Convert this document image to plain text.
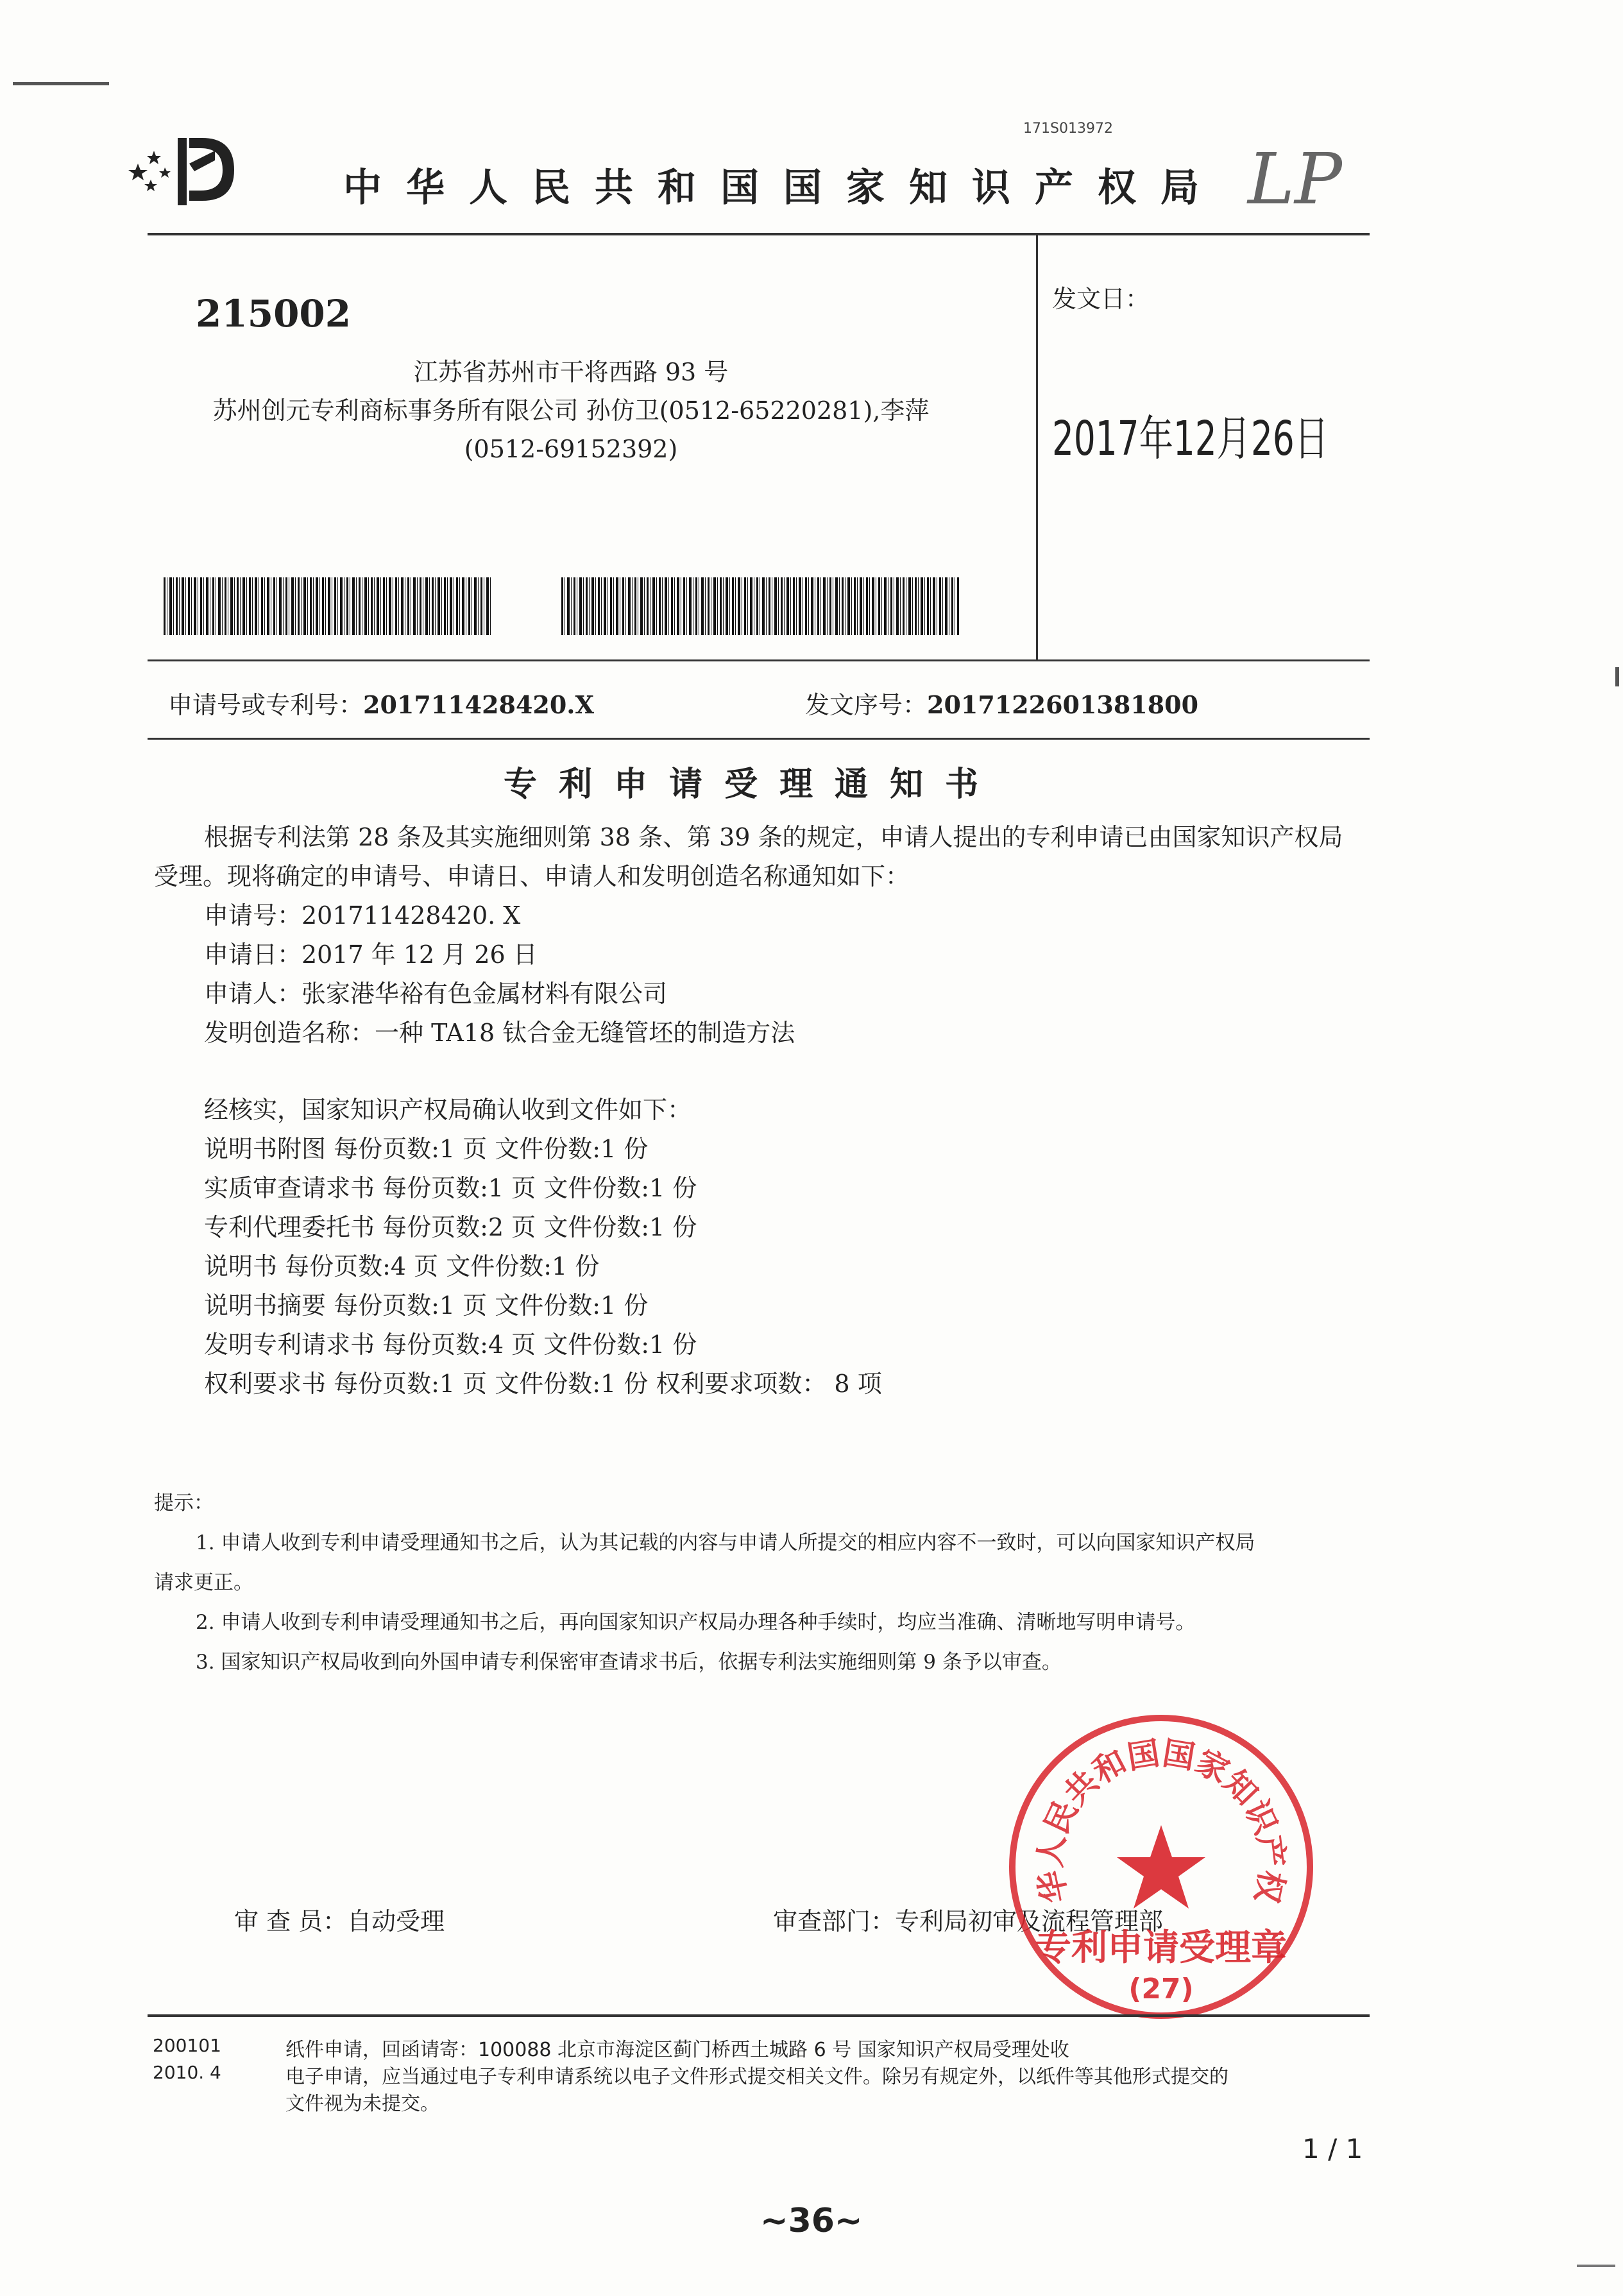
171S013972
中华人民共和国国家知识产权局 LP
215002
江苏省苏州市干将西路 93 号
苏州创元专利商标事务所有限公司 孙仿卫(0512-65220281),李萍
(0512-69152392)
发文日：
2017年12月26日
申请号或专利号：201711428420.X	发文序号：2017122601381800
专利申请受理通知书
根据专利法第 28 条及其实施细则第 38 条、第 39 条的规定，申请人提出的专利申请已由国家知识产权局
受理。现将确定的申请号、申请日、申请人和发明创造名称通知如下：
申请号：201711428420. X
申请日：2017 年 12 月 26 日
申请人：张家港华裕有色金属材料有限公司
发明创造名称：一种 TA18 钛合金无缝管坯的制造方法
经核实，国家知识产权局确认收到文件如下：
说明书附图 每份页数:1 页 文件份数:1 份
实质审查请求书 每份页数:1 页 文件份数:1 份
专利代理委托书 每份页数:2 页 文件份数:1 份
说明书 每份页数:4 页 文件份数:1 份
说明书摘要 每份页数:1 页 文件份数:1 份
发明专利请求书 每份页数:4 页 文件份数:1 份
权利要求书 每份页数:1 页 文件份数:1 份 权利要求项数： 8 项
提示：
1. 申请人收到专利申请受理通知书之后，认为其记载的内容与申请人所提交的相应内容不一致时，可以向国家知识产权局
请求更正。
2. 申请人收到专利申请受理通知书之后，再向国家知识产权局办理各种手续时，均应当准确、清晰地写明申请号。
3. 国家知识产权局收到向外国申请专利保密审查请求书后，依据专利法实施细则第 9 条予以审查。
审 查 员：自动受理	审查部门：专利局初审及流程管理部
华人民共和国国家知识产权
专利申请受理章
(27)
200101
2010. 4
纸件申请，回函请寄：100088 北京市海淀区蓟门桥西土城路 6 号 国家知识产权局受理处收
电子申请，应当通过电子专利申请系统以电子文件形式提交相关文件。除另有规定外，以纸件等其他形式提交的
文件视为未提交。
1 / 1
~36~
